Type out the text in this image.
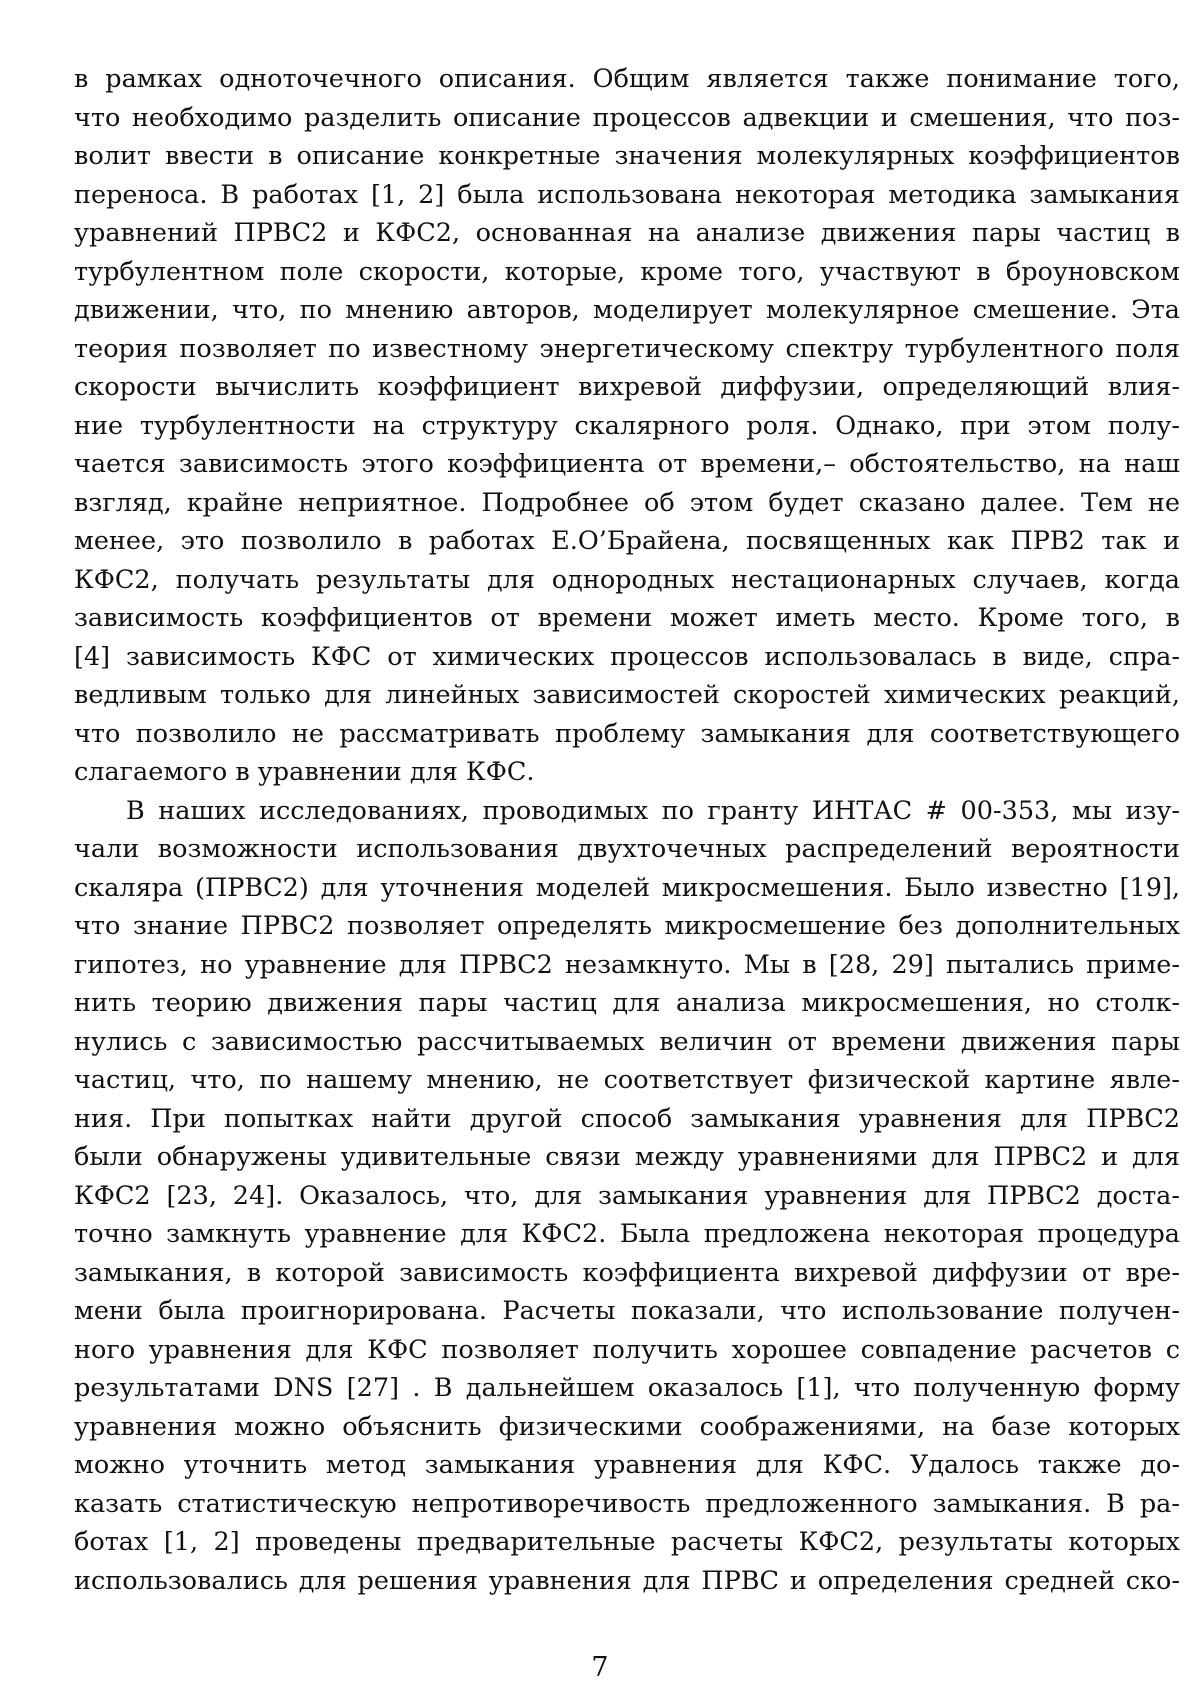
в рамках одноточечного описания. Общим является также понимание того,
что необходимо разделить описание процессов адвекции и смешения, что поз-
волит ввести в описание конкретные значения молекулярных коэффициентов
переноса. В работах [1, 2] была использована некоторая методика замыкания
уравнений ПРВС2 и КФС2, основанная на анализе движения пары частиц в
турбулентном поле скорости, которые, кроме того, участвуют в броуновском
движении, что, по мнению авторов, моделирует молекулярное смешение. Эта
теория позволяет по известному энергетическому спектру турбулентного поля
скорости вычислить коэффициент вихревой диффузии, определяющий влия-
ние турбулентности на структуру скалярного роля. Однако, при этом полу-
чается зависимость этого коэффициента от времени,– обстоятельство, на наш
взгляд, крайне неприятное. Подробнее об этом будет сказано далее. Тем не
менее, это позволило в работах Е.О’Брайена, посвященных как ПРВ2 так и
КФС2, получать результаты для однородных нестационарных случаев, когда
зависимость коэффициентов от времени может иметь место. Кроме того, в
[4] зависимость КФС от химических процессов использовалась в виде, спра-
ведливым только для линейных зависимостей скоростей химических реакций,
что позволило не рассматривать проблему замыкания для соответствующего
слагаемого в уравнении для КФС.
В наших исследованиях, проводимых по гранту ИНТАС # 00-353, мы изу-
чали возможности использования двухточечных распределений вероятности
скаляра (ПРВС2) для уточнения моделей микросмешения. Было известно [19],
что знание ПРВС2 позволяет определять микросмешение без дополнительных
гипотез, но уравнение для ПРВС2 незамкнуто. Мы в [28, 29] пытались приме-
нить теорию движения пары частиц для анализа микросмешения, но столк-
нулись с зависимостью рассчитываемых величин от времени движения пары
частиц, что, по нашему мнению, не соответствует физической картине явле-
ния. При попытках найти другой способ замыкания уравнения для ПРВС2
были обнаружены удивительные связи между уравнениями для ПРВС2 и для
КФС2 [23, 24]. Оказалось, что, для замыкания уравнения для ПРВС2 доста-
точно замкнуть уравнение для КФС2. Была предложена некоторая процедура
замыкания, в которой зависимость коэффициента вихревой диффузии от вре-
мени была проигнорирована. Расчеты показали, что использование получен-
ного уравнения для КФС позволяет получить хорошее совпадение расчетов с
результатами DNS [27] . В дальнейшем оказалось [1], что полученную форму
уравнения можно объяснить физическими соображениями, на базе которых
можно уточнить метод замыкания уравнения для КФС. Удалось также до-
казать статистическую непротиворечивость предложенного замыкания. В ра-
ботах [1, 2] проведены предварительные расчеты КФС2, результаты которых
использовались для решения уравнения для ПРВС и определения средней ско-
7
